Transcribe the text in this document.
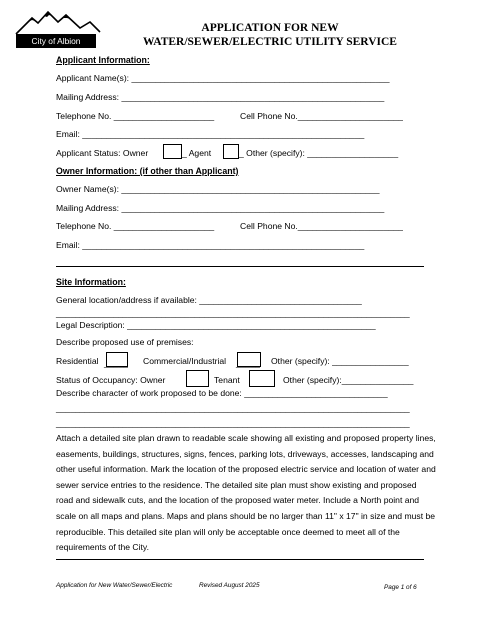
City of Albion
APPLICATION FOR NEW
WATER/SEWER/ELECTRIC UTILITY SERVICE
Applicant Information:
Applicant Name(s): ______________________________________________________
Mailing Address: _______________________________________________________
Telephone No. _____________________	Cell Phone No.______________________
Email: ___________________________________________________________
Applicant Status: Owner	_ Agent	_ Other (specify): ___________________
Owner Information: (if other than Applicant)
Owner Name(s): ______________________________________________________
Mailing Address: _______________________________________________________
Telephone No. _____________________	Cell Phone No.______________________
Email: ___________________________________________________________
Site Information:
General location/address if available: __________________________________
__________________________________________________________________________
Legal Description: ____________________________________________________
Describe proposed use of premises:
Residential _____ Commercial/Industrial _____ Other (specify): ________________
Status of Occupancy: Owner	Tenant	Other (specify):_______________
Describe character of work proposed to be done: ______________________________
__________________________________________________________________________
__________________________________________________________________________
Attach a detailed site plan drawn to readable scale showing all existing and proposed property lines, easements, buildings, structures, signs, fences, parking lots, driveways, accesses, landscaping and other useful information. Mark the location of the proposed electric service and location of water and sewer service entries to the residence. The detailed site plan must show existing and proposed road and sidewalk cuts, and the location of the proposed water meter. Include a North point and scale on all maps and plans. Maps and plans should be no larger than 11" x 17" in size and must be reproducible. This detailed site plan will only be acceptable once deemed to meet all of the requirements of the City.
Application for New Water/Sewer/Electric	Revised August 2025	Page 1 of 6
